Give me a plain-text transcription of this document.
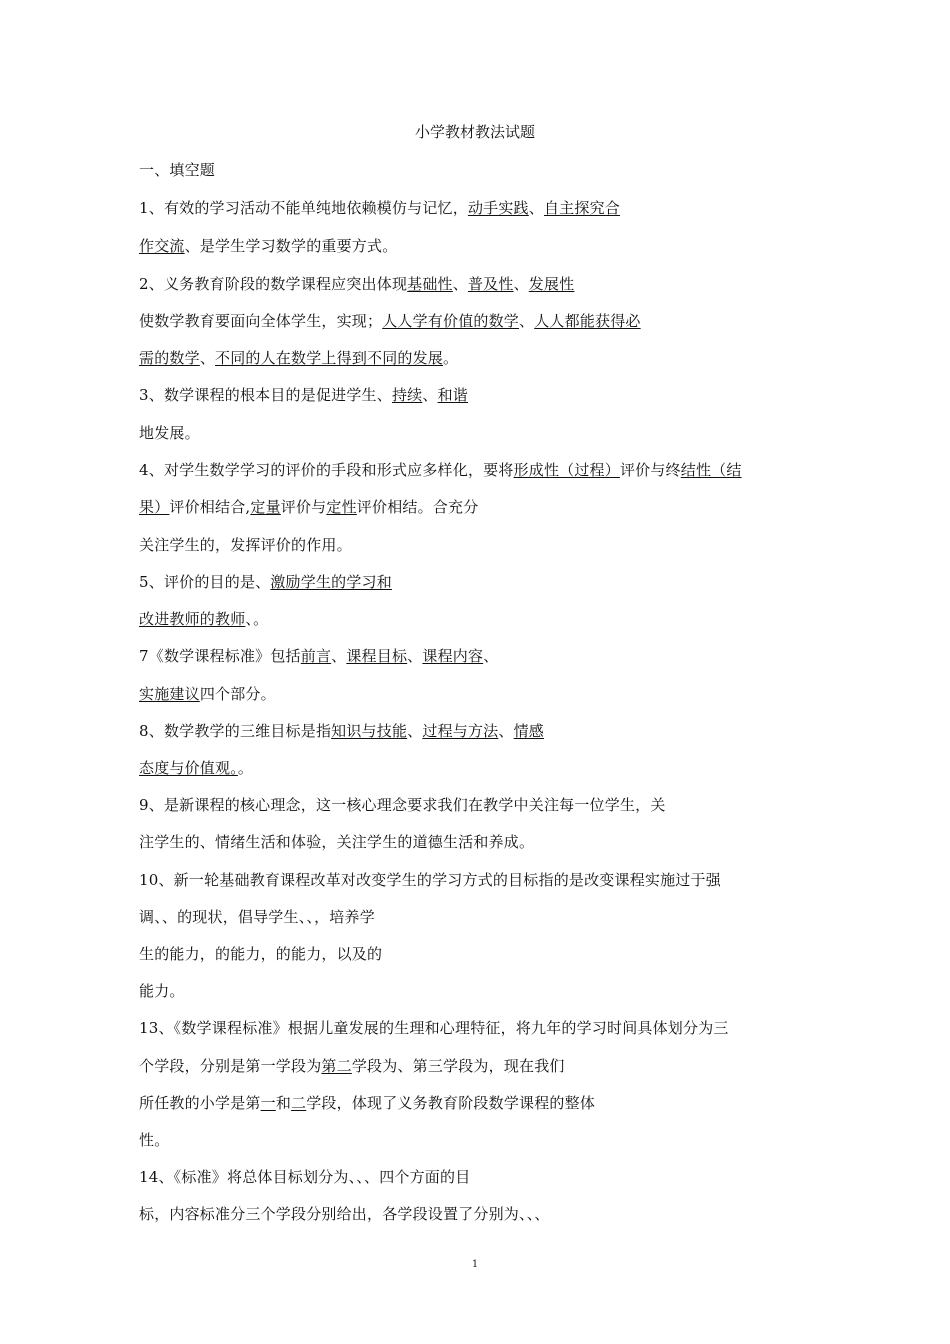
小学教材教法试题
一、填空题
1、有效的学习活动不能单纯地依赖模仿与记忆，动手实践、自主探究合
作交流、是学生学习数学的重要方式。
2、义务教育阶段的数学课程应突出体现基础性、普及性、发展性
使数学教育要面向全体学生，实现；人人学有价值的数学、人人都能获得必
需的数学、不同的人在数学上得到不同的发展。
3、数学课程的根本目的是促进学生、持续、和谐
地发展。
4、对学生数学学习的评价的手段和形式应多样化，要将形成性（过程）评价与终结性（结
果）评价相结合,定量评价与定性评价相结。合充分
关注学生的，发挥评价的作用。
5、评价的目的是、激励学生的学习和
改进教师的教师、。
7《数学课程标准》包括前言、课程目标、课程内容、
实施建议四个部分。
8、数学教学的三维目标是指知识与技能、过程与方法、情感
态度与价值观。。
9、是新课程的核心理念，这一核心理念要求我们在教学中关注每一位学生，关
注学生的、情绪生活和体验，关注学生的道德生活和养成。
10、新一轮基础教育课程改革对改变学生的学习方式的目标指的是改变课程实施过于强
调、、的现状，倡导学生、、，培养学
生的能力，的能力，的能力，以及的
能力。
13、《数学课程标准》根据儿童发展的生理和心理特征，将九年的学习时间具体划分为三
个学段，分别是第一学段为第二学段为、第三学段为，现在我们
所任教的小学是第一和二学段，体现了义务教育阶段数学课程的整体
性。
14、《标准》将总体目标划分为、、、四个方面的目
标，内容标准分三个学段分别给出，各学段设置了分别为、、、
1
